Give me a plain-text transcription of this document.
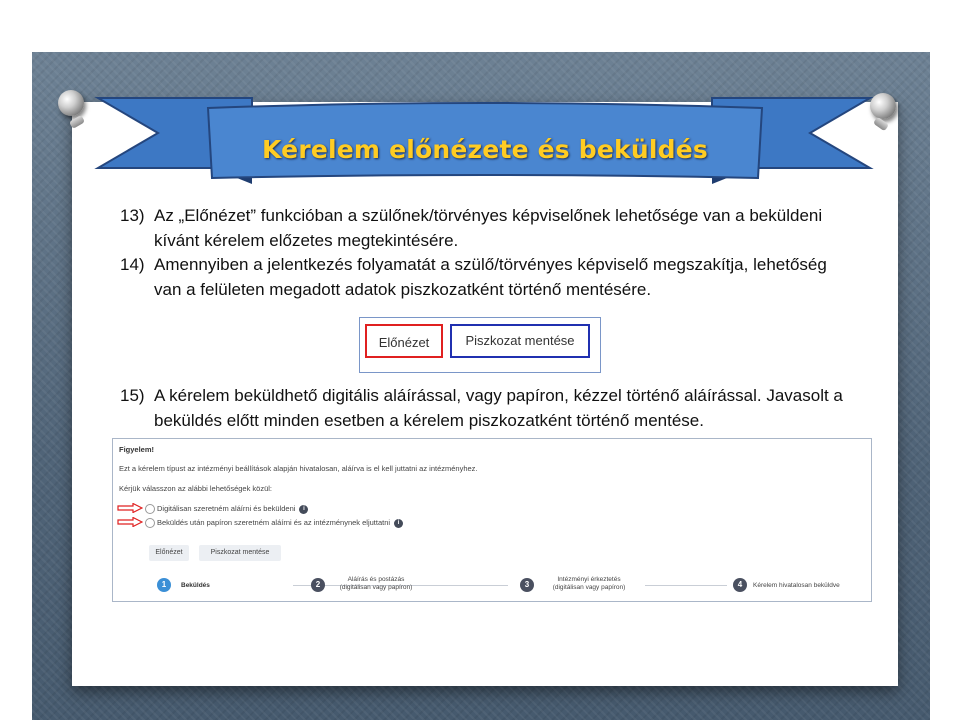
Kérelem előnézete és beküldés
13) Az „Előnézet” funkcióban a szülőnek/törvényes képviselőnek lehetősége van a beküldeni kívánt kérelem előzetes megtekintésére.
14) Amennyiben a jelentkezés folyamatát a szülő/törvényes képviselő megszakítja, lehetőség van a felületen megadott adatok piszkozatként történő mentésére.
Előnézet	Piszkozat mentése
15) A kérelem beküldhető digitális aláírással, vagy papíron, kézzel történő aláírással. Javasolt a beküldés előtt minden esetben a kérelem piszkozatként történő mentése.
Figyelem!
Ezt a kérelem típust az intézményi beállítások alapján hivatalosan, aláírva is el kell juttatni az intézményhez.
Kérjük válasszon az alábbi lehetőségek közül:
Digitálisan szeretném aláírni és beküldeni i
Beküldés után papíron szeretném aláírni és az intézménynek eljuttatni i
Előnézet	Piszkozat mentése
1	Beküldés	2
Aláírás és postázás
(digitálisan vagy papíron)	3
Intézményi érkeztetés
(digitálisan vagy papíron)	4	Kérelem hivatalosan beküldve
